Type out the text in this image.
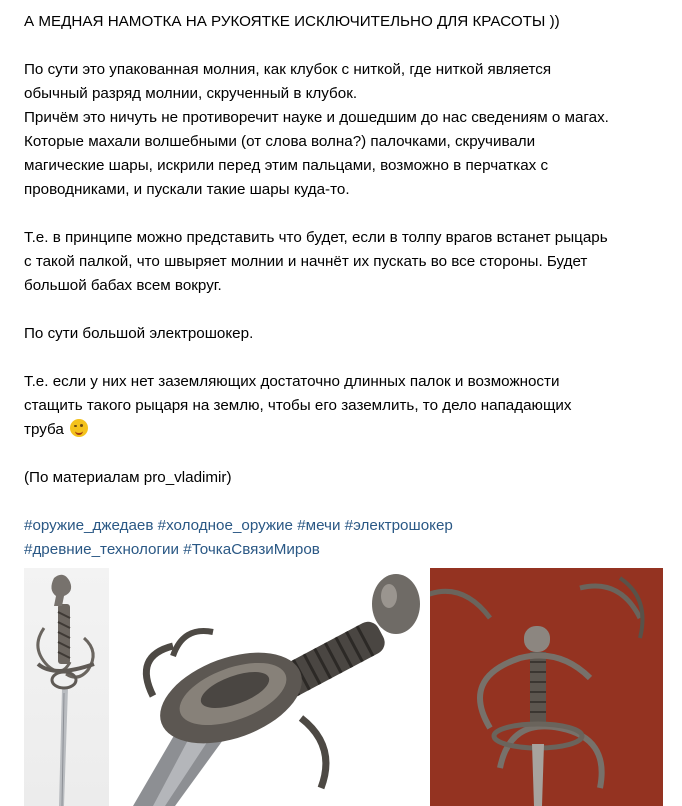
А МЕДНАЯ НАМОТКА НА РУКОЯТКЕ ИСКЛЮЧИТЕЛЬНО ДЛЯ КРАСОТЫ ))
По сути это упакованная молния, как клубок с ниткой, где ниткой является
обычный разряд молнии, скрученный в клубок.
Причём это ничуть не противоречит науке и дошедшим до нас сведениям о магах.
Которые махали волшебными (от слова волна?) палочками, скручивали
магические шары, искрили перед этим пальцами, возможно в перчатках с
проводниками, и пускали такие шары куда-то.
Т.е. в принципе можно представить что будет, если в толпу врагов встанет рыцарь
с такой палкой, что швыряет молнии и начнёт их пускать во все стороны. Будет
большой бабах всем вокруг.
По сути большой электрошокер.
Т.е. если у них нет заземляющих достаточно длинных палок и возможности
стащить такого рыцаря на землю, чтобы его заземлить, то дело нападающих
труба
(По материалам pro_vladimir)
#оружие_джедаев #холодное_оружие #мечи #электрошокер
#древние_технологии #ТочкаСвязиМиров
